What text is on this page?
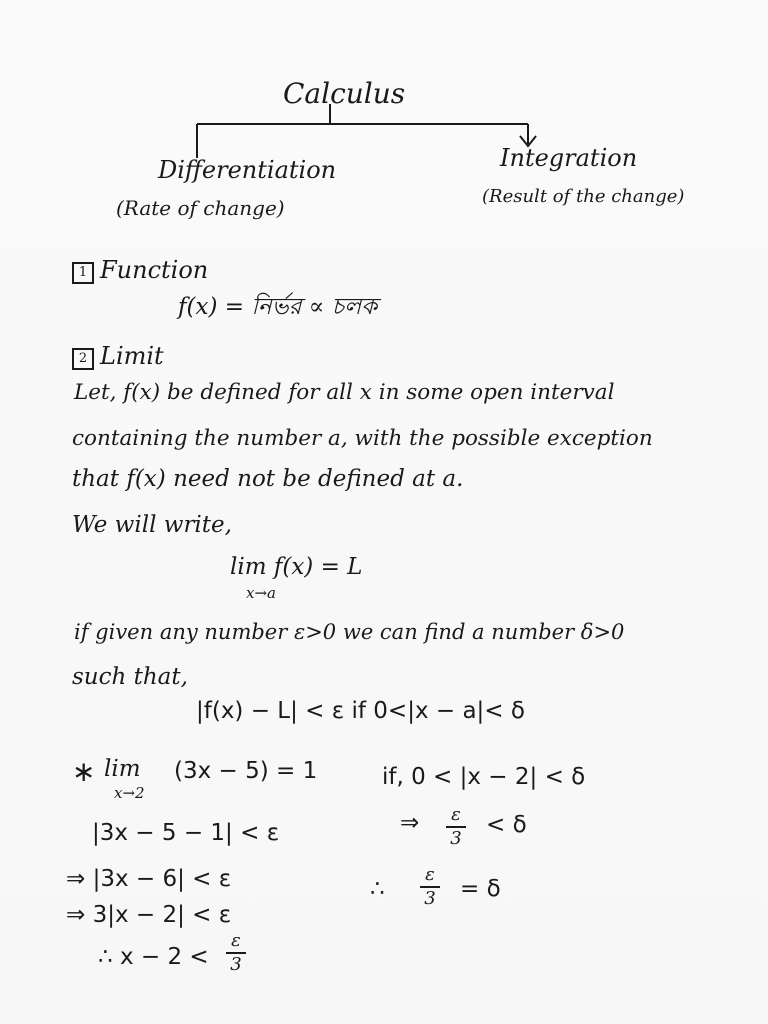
Calculus
Differentiation
(Rate of change)
Integration
(Result of the change)
1 Function
f(x) = নির্ভর ∝ চলক
2 Limit
Let, f(x) be defined for all x in some open interval
containing the number a, with the possible exception
that f(x) need not be defined at a.
We will write,
lim f(x) = L
x→a
if given any number ε>0 we can find a number δ>0
such that,
|f(x) − L| < ε if 0<|x − a|< δ
∗ lim
x→2
(3x − 5) = 1	if, 0 < |x − 2| < δ
|3x − 5 − 1| < ε	⇒ ε
3
< δ
⇒ |3x − 6| < ε	∴
ε
3 = δ
⇒ 3|x − 2| < ε
∴ x − 2 <
ε
3
